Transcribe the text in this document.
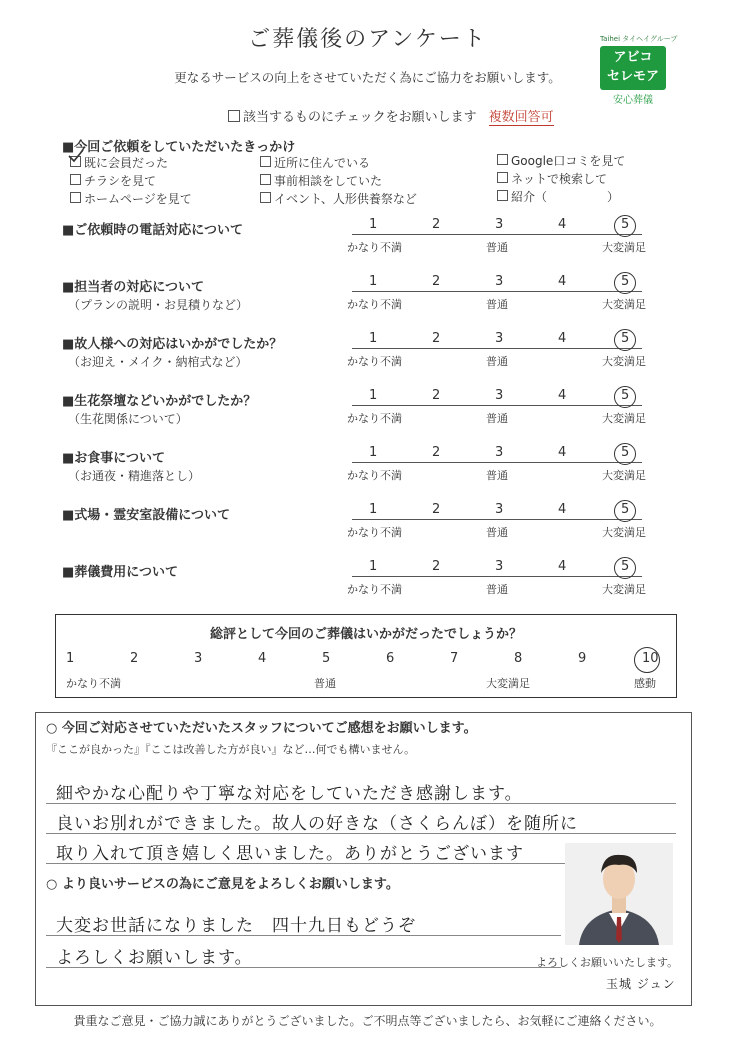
ご葬儀後のアンケート
更なるサービスの向上をさせていただく為にご協力をお願いします。
Taihei タイヘイグループ
アビコ
セレモア
安心葬儀
該当するものにチェックをお願いします 複数回答可
■今回ご依頼をしていただいたきっかけ
既に会員だった
チラシを見て
ホームページを見て
近所に住んでいる
事前相談をしていた
イベント、人形供養祭など
Google口コミを見て
ネットで検索して
紹介（　　　　　）
■ご依頼時の電話対応について	1	2	3	4	5
かなり不満	普通	大変満足
■担当者の対応について
（プランの説明・お見積りなど）
1	2	3	4	5
かなり不満	普通	大変満足
■故人様への対応はいかがでしたか？
（お迎え・メイク・納棺式など）
1	2	3	4	5
かなり不満	普通	大変満足
■生花祭壇などいかがでしたか？
（生花関係について）
1	2	3	4	5
かなり不満	普通	大変満足
■お食事について
（お通夜・精進落とし）
1	2	3	4	5
かなり不満	普通	大変満足
■式場・霊安室設備について	1	2	3	4	5
かなり不満	普通	大変満足
■葬儀費用について	1	2	3	4	5
かなり不満	普通	大変満足
総評として今回のご葬儀はいかがだったでしょうか？
1	2	3	4	5	6	7	8	9	10
かなり不満	普通	大変満足	感動
○ 今回ご対応させていただいたスタッフについてご感想をお願いします。
『ここが良かった』『ここは改善した方が良い』など…何でも構いません。
細やかな心配りや丁寧な対応をしていただき感謝します。
良いお別れができました。故人の好きな（さくらんぼ）を随所に
取り入れて頂き嬉しく思いました。ありがとうございます
○ より良いサービスの為にご意見をよろしくお願いします。
大変お世話になりました　四十九日もどうぞ
よろしくお願いします。	よろしくお願いいたします。
玉城 ジュン
貴重なご意見・ご協力誠にありがとうございました。ご不明点等ございましたら、お気軽にご連絡ください。
